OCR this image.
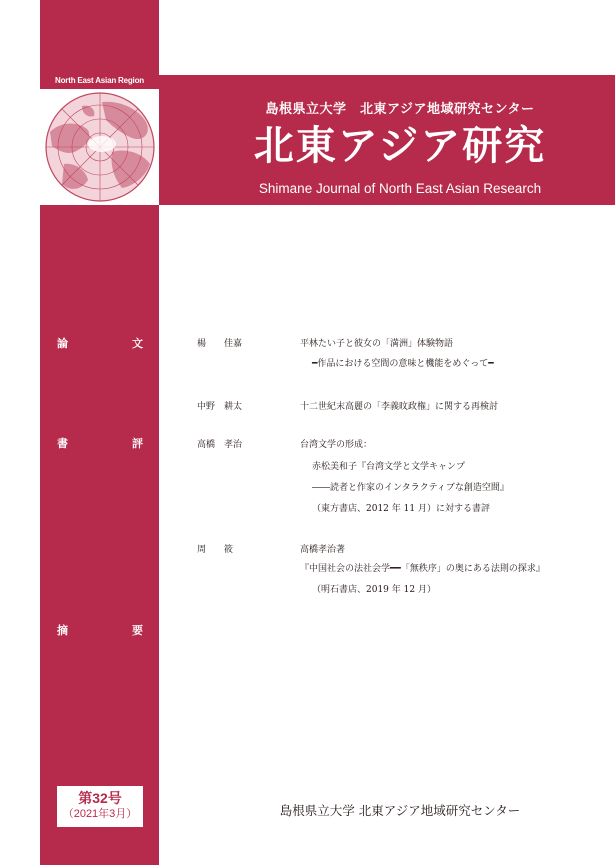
North East Asian Region
島根県立大学　北東アジア地域研究センター
北東アジア研究
Shimane Journal of North East Asian Research
論	文
書	評
摘	要
楊　　佳嘉	平林たい子と彼女の「満洲」体験物語
━作品における空間の意味と機能をめぐって━
中野　耕太	十二世紀末高麗の「李義旼政権」に関する再検討
高橋　孝治	台湾文学の形成：
赤松美和子『台湾文学と文学キャンプ
――読者と作家のインタラクティブな創造空間』
（東方書店、2012 年 11 月）に対する書評
周　　筱	高橋孝治著
『中国社会の法社会学━━「無秩序」の奥にある法則の探求』
（明石書店、2019 年 12 月）
第32号
（2021年3月）	島根県立大学 北東アジア地域研究センター
